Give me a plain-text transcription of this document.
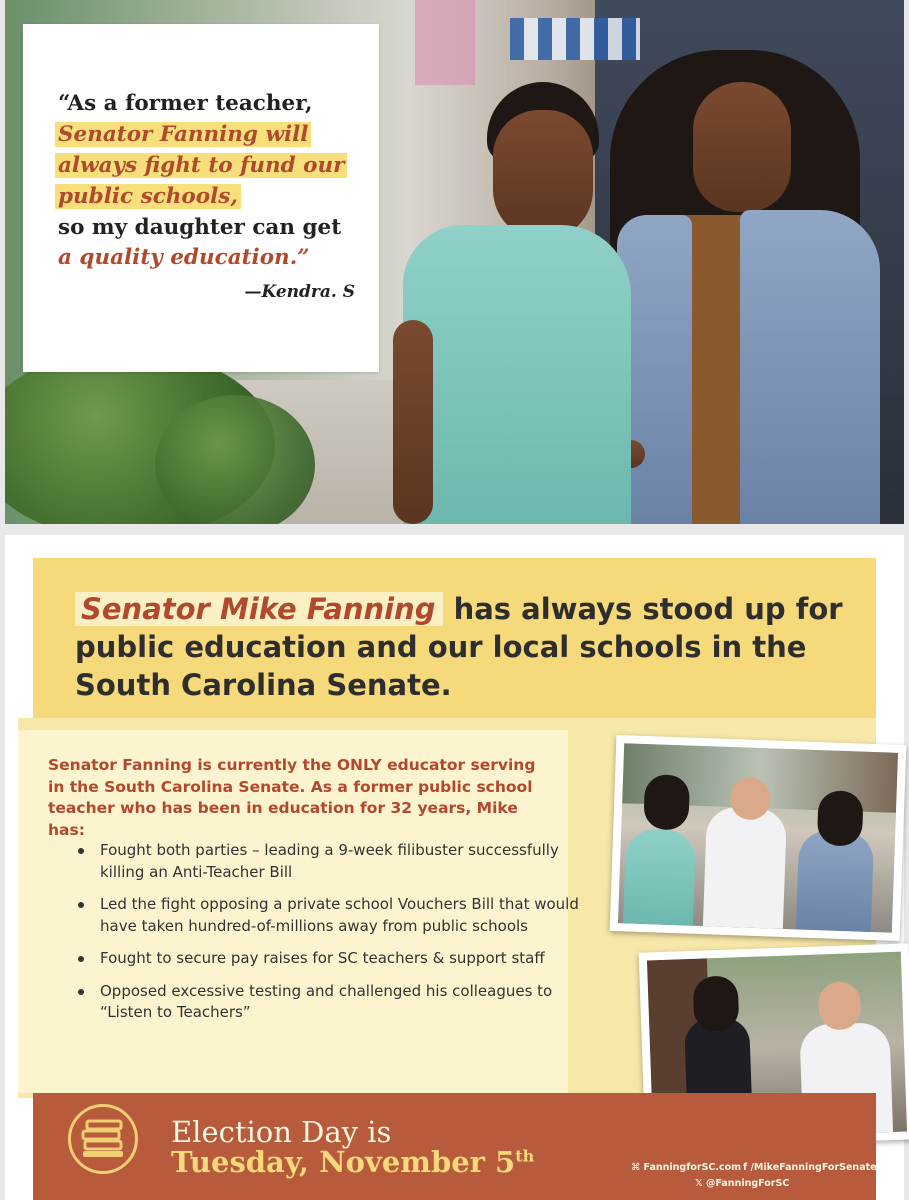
“As a former teacher,
Senator Fanning will
always fight to fund our
public schools,
so my daughter can get
a quality education.”
—Kendra. S
Senator Mike Fanning has always stood up for public education and our local schools in the South Carolina Senate.
Senator Fanning is currently the ONLY educator serving in the South Carolina Senate. As a former public school teacher who has been in education for 32 years, Mike has:
Fought both parties – leading a 9-week filibuster successfully killing an Anti-Teacher Bill
Led the fight opposing a private school Vouchers Bill that would have taken hundred-of-millions away from public schools
Fought to secure pay raises for SC teachers & support staff
Opposed excessive testing and challenged his colleagues to “Listen to Teachers”
Election Day is
Tuesday, November 5th
⌘ FanningforSC.com f /MikeFanningForSenate
𝕏 @FanningForSC
